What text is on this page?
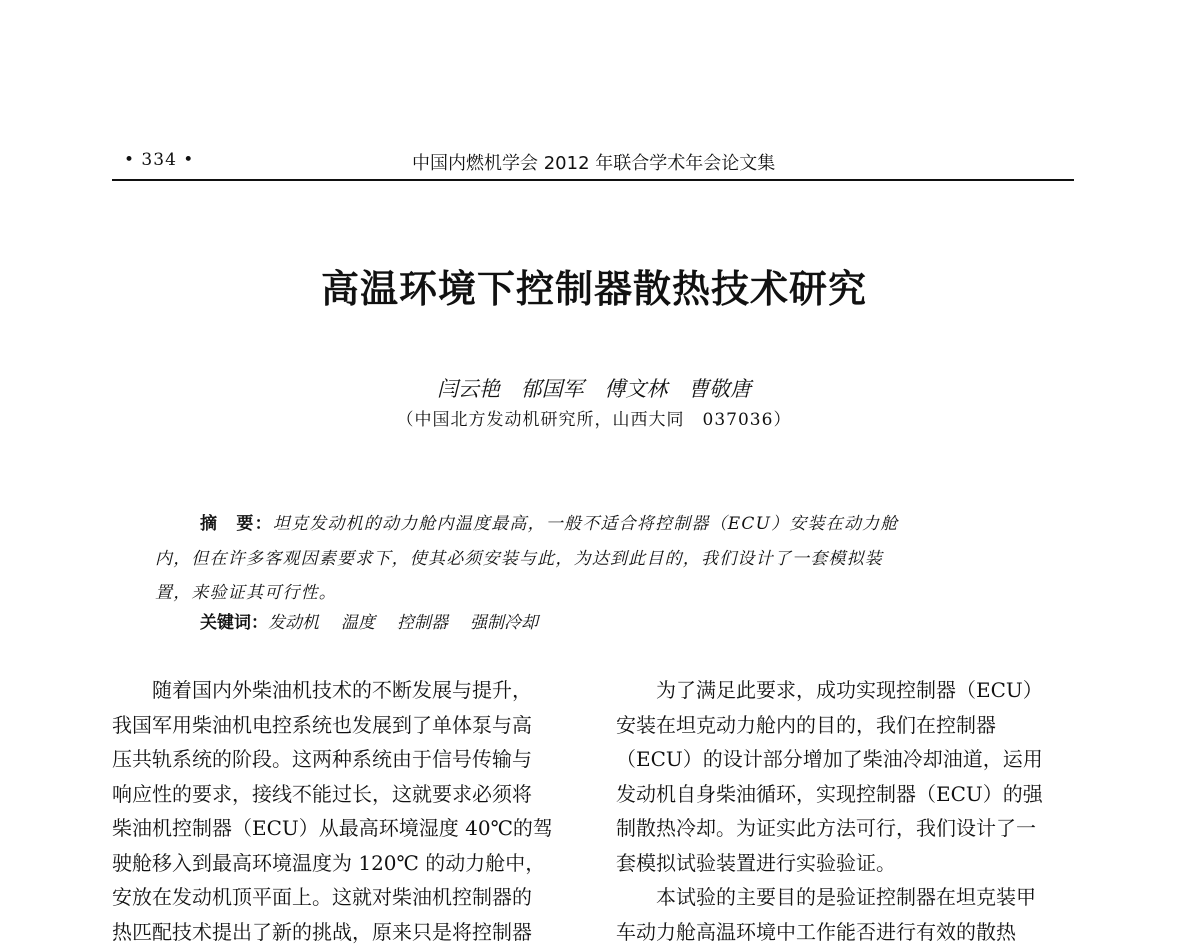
• 334 •	中国内燃机学会 2012 年联合学术年会论文集
高温环境下控制器散热技术研究
闫云艳 郁国军 傅文林 曹敬唐
（中国北方发动机研究所，山西大同　037036）
摘　要：坦克发动机的动力舱内温度最高，一般不适合将控制器（ECU）安装在动力舱
内，但在许多客观因素要求下，使其必须安装与此，为达到此目的，我们设计了一套模拟装
置，来验证其可行性。
关键词：发动机 温度 控制器 强制冷却

　　随着国内外柴油机技术的不断发展与提升，

我国军用柴油机电控系统也发展到了单体泵与高

压共轨系统的阶段。这两种系统由于信号传输与

响应性的要求，接线不能过长，这就要求必须将

柴油机控制器（ECU）从最高环境湿度 40℃的驾

驶舱移入到最高环境温度为 120℃ 的动力舱中，

安放在发动机顶平面上。这就对柴油机控制器的

热匹配技术提出了新的挑战，原来只是将控制器

　　为了满足此要求，成功实现控制器（ECU）

安装在坦克动力舱内的目的，我们在控制器

（ECU）的设计部分增加了柴油冷却油道，运用

发动机自身柴油循环，实现控制器（ECU）的强

制散热冷却。为证实此方法可行，我们设计了一

套模拟试验装置进行实验验证。

　　本试验的主要目的是验证控制器在坦克装甲

车动力舱高温环境中工作能否进行有效的散热
